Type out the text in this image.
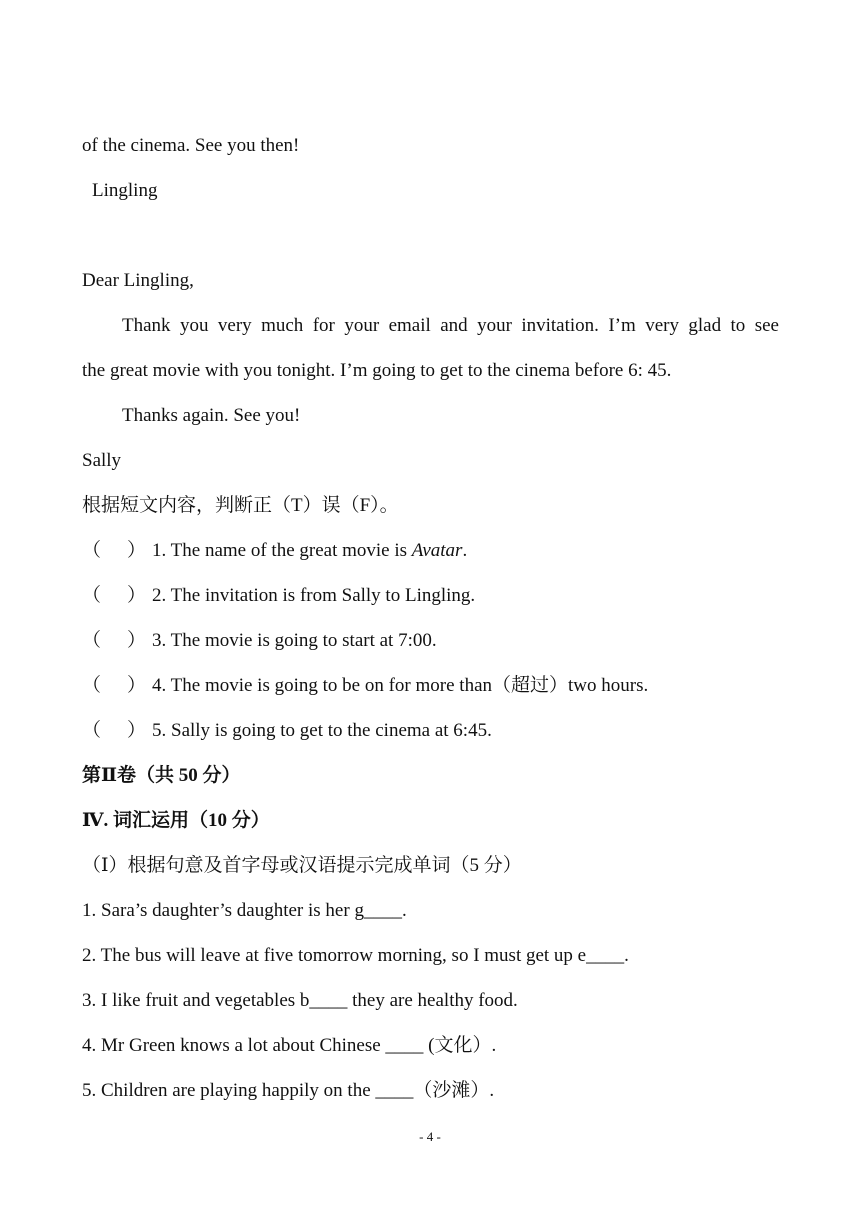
of the cinema. See you then!
Lingling
Dear Lingling,
Thank you very much for your email and your invitation. I’m very glad to see
the great movie with you tonight. I’m going to get to the cinema before 6: 45.
Thanks again. See you!
Sally
根据短文内容，判断正（T）误（F）。
（ ） 1. The name of the great movie is Avatar.
（ ） 2. The invitation is from Sally to Lingling.
（ ） 3. The movie is going to start at 7:00.
（ ） 4. The movie is going to be on for more than（超过）two hours.
（ ） 5. Sally is going to get to the cinema at 6:45.
第Ⅱ卷（共 50 分）
Ⅳ. 词汇运用（10 分）
（Ⅰ）根据句意及首字母或汉语提示完成单词（5 分）
1. Sara’s daughter’s daughter is her g____.
2. The bus will leave at five tomorrow morning, so I must get up e____.
3. I like fruit and vegetables b____ they are healthy food.
4. Mr Green knows a lot about Chinese ____ (文化）.
5. Children are playing happily on the ____（沙滩）.
- 4 -
